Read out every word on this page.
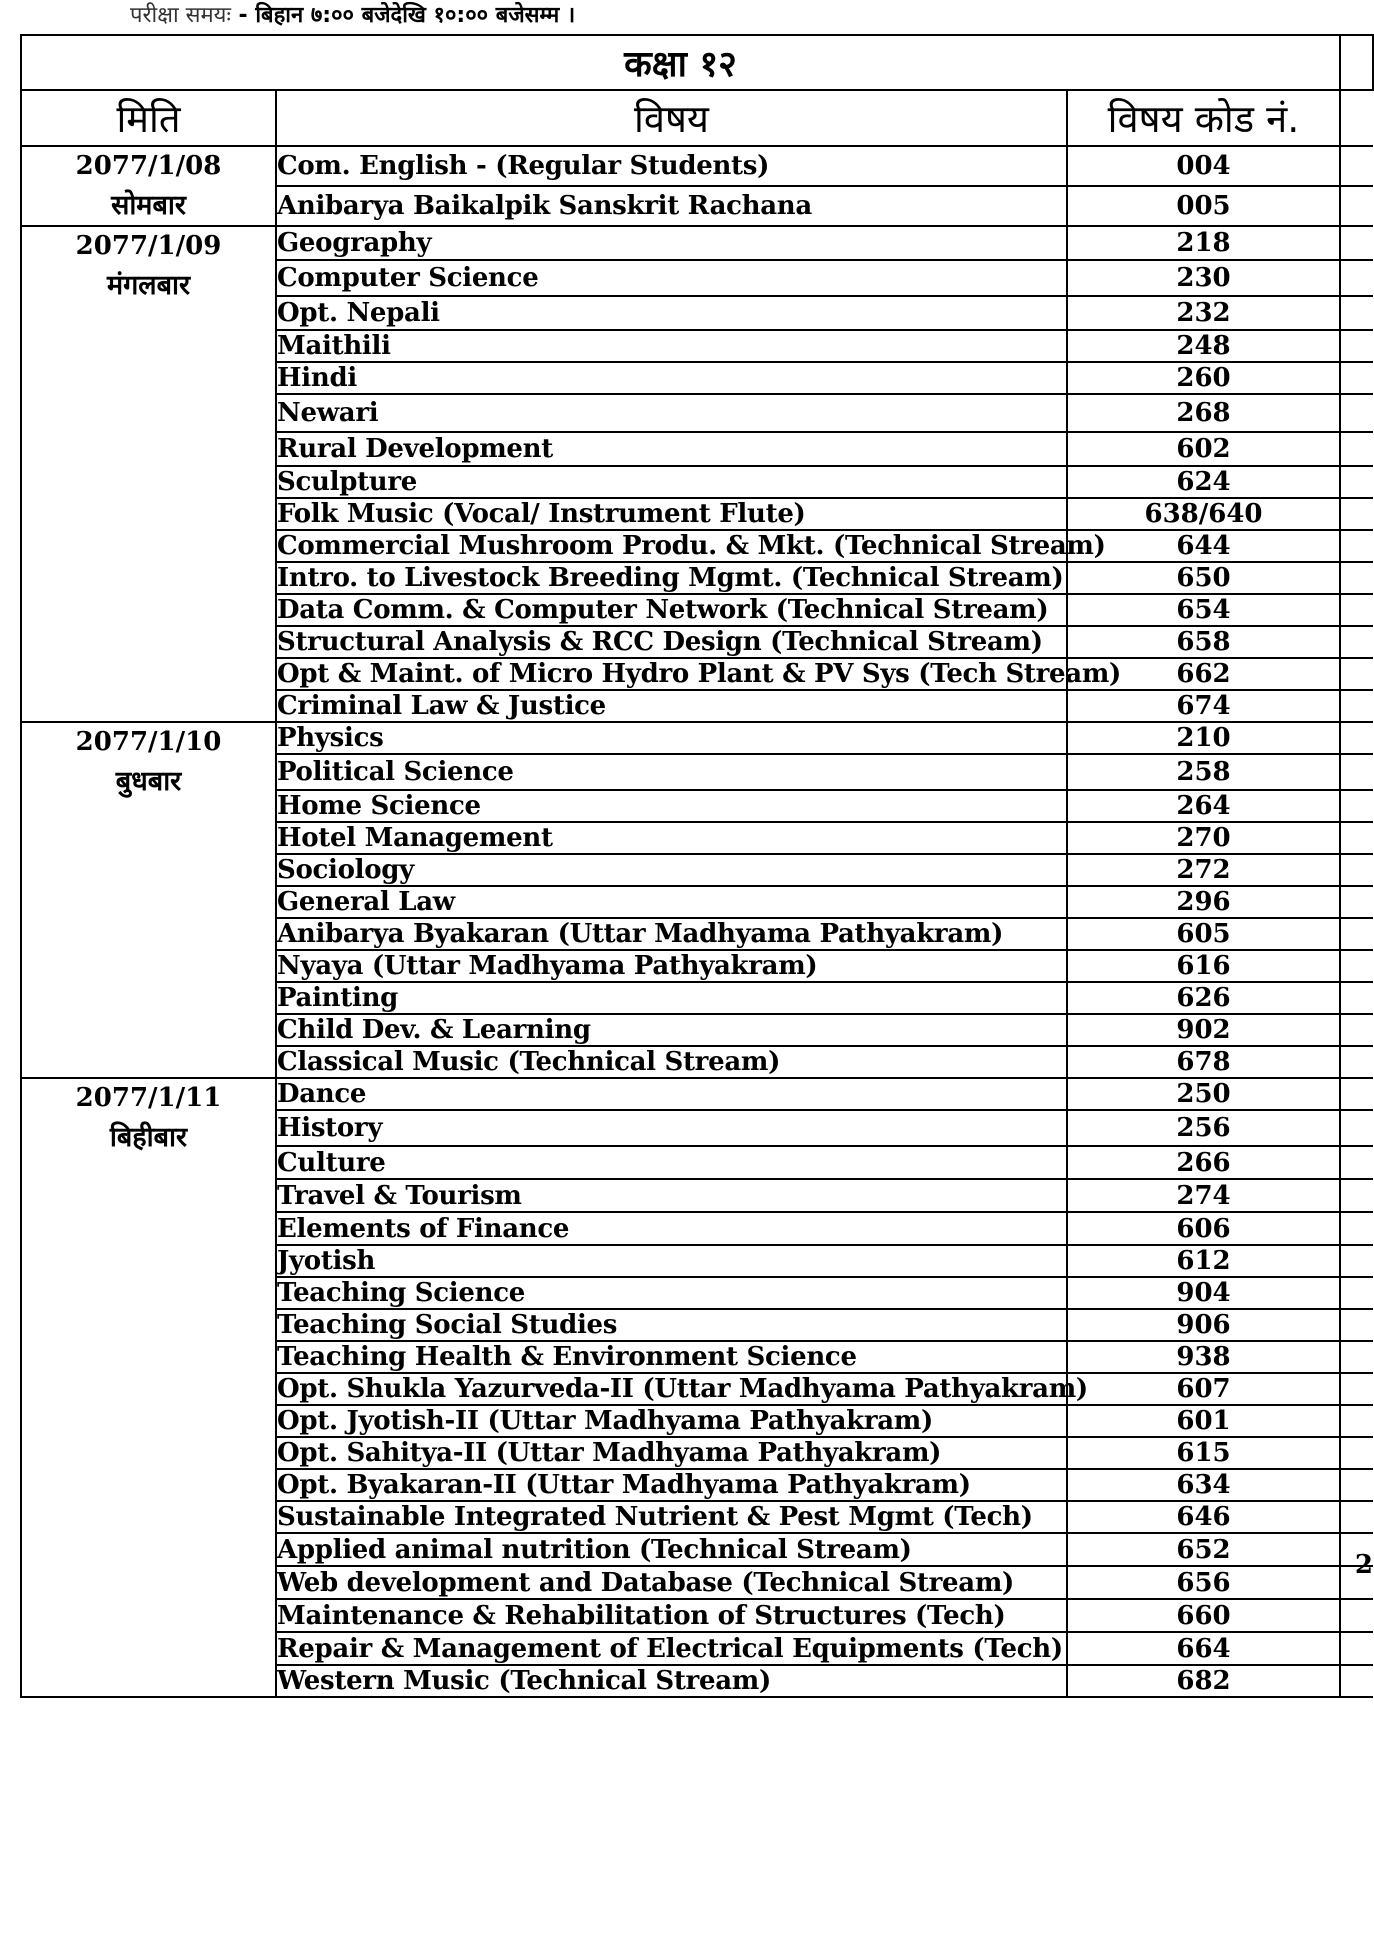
परीक्षा समयः - बिहान ७:०० बजेदेखि १०:०० बजेसम्म ।
कक्षा १२			
मिति	विषय	विषय कोड नं.	

2077/1/08
सोमबार	Com. English - (Regular Students)	004	
	Anibarya Baikalpik Sanskrit Rachana	005	

2077/1/09
मंगलबार	Geography	218	
	Computer Science	230	
	Opt. Nepali	232	
	Maithili	248	
	Hindi	260	
	Newari	268	
	Rural Development	602	
	Sculpture	624	
	Folk Music (Vocal/ Instrument Flute)	638/640	
	Commercial Mushroom Produ. & Mkt. (Technical Stream)	644	
	Intro. to Livestock Breeding Mgmt. (Technical Stream)	650	
	Data Comm. & Computer Network (Technical Stream)	654	
	Structural Analysis & RCC Design (Technical Stream)	658	
	Opt & Maint. of Micro Hydro Plant & PV Sys (Tech Stream)	662	
	Criminal Law & Justice	674	

2077/1/10
बुधबार	Physics	210	
	Political Science	258	
	Home Science	264	
	Hotel Management	270	
	Sociology	272	
	General Law	296	
	Anibarya Byakaran (Uttar Madhyama Pathyakram)	605	
	Nyaya (Uttar Madhyama Pathyakram)	616	
	Painting	626	
	Child Dev. & Learning	902	
	Classical Music (Technical Stream)	678	

2077/1/11
बिहीबार	Dance	250	
	History	256	
	Culture	266	
	Travel & Tourism	274	
	Elements of Finance	606	
	Jyotish	612	
	Teaching Science	904	
	Teaching Social Studies	906	
	Teaching Health & Environment Science	938	
	Opt. Shukla Yazurveda-II (Uttar Madhyama Pathyakram)	607	
	Opt. Jyotish-II (Uttar Madhyama Pathyakram)	601	
	Opt. Sahitya-II (Uttar Madhyama Pathyakram)	615	
	Opt. Byakaran-II (Uttar Madhyama Pathyakram)	634	
	Sustainable Integrated Nutrient & Pest Mgmt (Tech)	646	
	Applied animal nutrition (Technical Stream)	652	2

	Web development and Database (Technical Stream)	656	
	Maintenance & Rehabilitation of Structures (Tech)	660	
	Repair & Management of Electrical Equipments (Tech)	664	
	Western Music (Technical Stream)	682	
